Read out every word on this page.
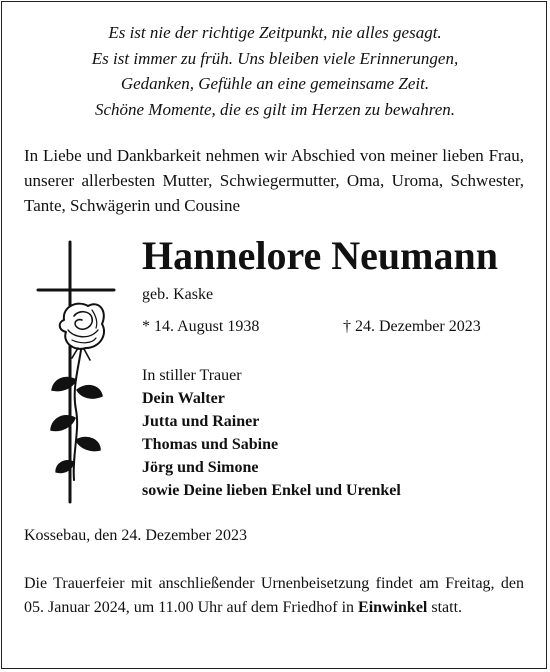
Es ist nie der richtige Zeitpunkt, nie alles gesagt.
Es ist immer zu früh. Uns bleiben viele Erinnerungen,
Gedanken, Gefühle an eine gemeinsame Zeit.
Schöne Momente, die es gilt im Herzen zu bewahren.
In Liebe und Dankbarkeit nehmen wir Abschied von meiner lieben Frau, unserer allerbesten Mutter, Schwiegermutter, Oma, Uroma, Schwester, Tante, Schwägerin und Cousine
Hannelore Neumann
geb. Kaske
* 14. August 1938	† 24. Dezember 2023
In stiller Trauer
Dein Walter
Jutta und Rainer
Thomas und Sabine
Jörg und Simone
sowie Deine lieben Enkel und Urenkel
Kossebau, den 24. Dezember 2023
Die Trauerfeier mit anschließender Urnenbeisetzung findet am Freitag, den 05. Januar 2024, um 11.00 Uhr auf dem Friedhof in Einwinkel statt.
